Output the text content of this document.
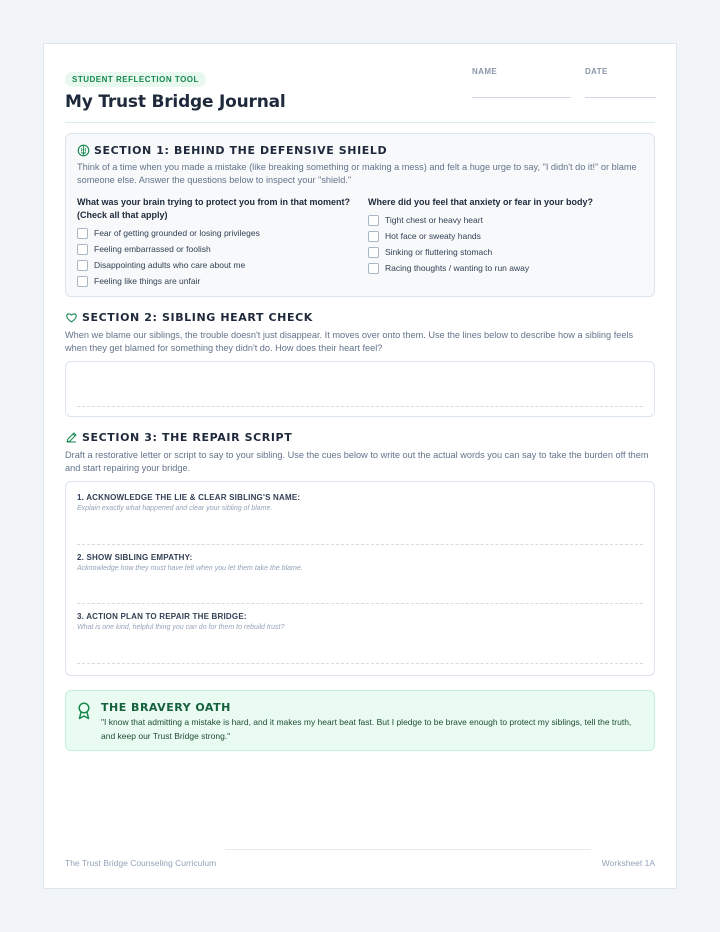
STUDENT REFLECTION TOOL
My Trust Bridge Journal
NAME	DATE
SECTION 1: BEHIND THE DEFENSIVE SHIELD
Think of a time when you made a mistake (like breaking something or making a mess) and felt a huge urge to say, "I didn't do it!" or blame someone else. Answer the questions below to inspect your "shield."
What was your brain trying to protect you from in that moment? (Check all that apply)
Fear of getting grounded or losing privileges
Feeling embarrassed or foolish
Disappointing adults who care about me
Feeling like things are unfair
Where did you feel that anxiety or fear in your body?
Tight chest or heavy heart
Hot face or sweaty hands
Sinking or fluttering stomach
Racing thoughts / wanting to run away
SECTION 2: SIBLING HEART CHECK
When we blame our siblings, the trouble doesn't just disappear. It moves over onto them. Use the lines below to describe how a sibling feels when they get blamed for something they didn't do. How does their heart feel?
SECTION 3: THE REPAIR SCRIPT
Draft a restorative letter or script to say to your sibling. Use the cues below to write out the actual words you can say to take the burden off them and start repairing your bridge.
1. ACKNOWLEDGE THE LIE & CLEAR SIBLING'S NAME:
Explain exactly what happened and clear your sibling of blame.
2. SHOW SIBLING EMPATHY:
Acknowledge how they must have felt when you let them take the blame.
3. ACTION PLAN TO REPAIR THE BRIDGE:
What is one kind, helpful thing you can do for them to rebuild trust?
THE BRAVERY OATH
"I know that admitting a mistake is hard, and it makes my heart beat fast. But I pledge to be brave enough to protect my siblings, tell the truth, and keep our Trust Bridge strong."
The Trust Bridge Counseling Curriculum	Worksheet 1A
